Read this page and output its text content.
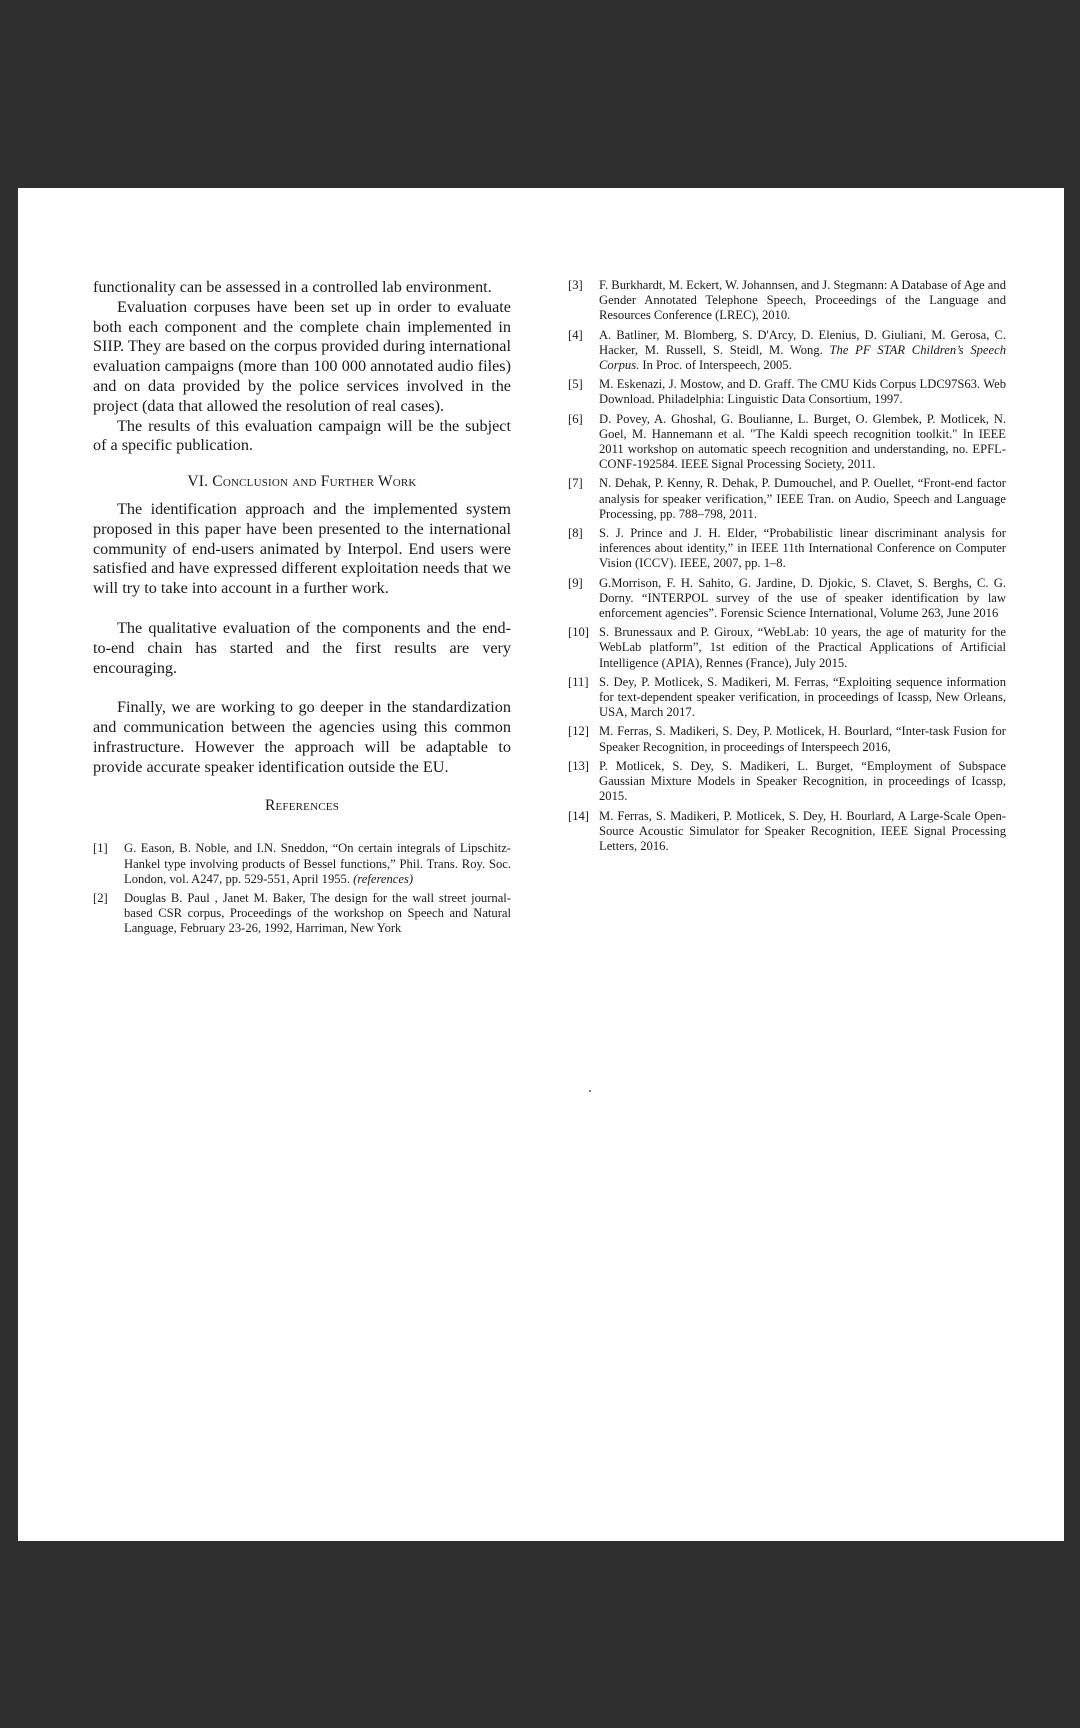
functionality can be assessed in a controlled lab environment.

Evaluation corpuses have been set up in order to evaluate both each component and the complete chain implemented in SIIP. They are based on the corpus provided during international evaluation campaigns (more than 100 000 annotated audio files) and on data provided by the police services involved in the project (data that allowed the resolution of real cases).

The results of this evaluation campaign will be the subject of a specific publication.

VI. Conclusion and Further Work

The identification approach and the implemented system proposed in this paper have been presented to the international community of end-users animated by Interpol. End users were satisfied and have expressed different exploitation needs that we will try to take into account in a further work.

The qualitative evaluation of the components and the end-to-end chain has started and the first results are very encouraging.

Finally, we are working to go deeper in the standardization and communication between the agencies using this common infrastructure. However the approach will be adaptable to provide accurate speaker identification outside the EU.

References
[1]	G. Eason, B. Noble, and I.N. Sneddon, “On certain integrals of Lipschitz-Hankel type involving products of Bessel functions,” Phil. Trans. Roy. Soc. London, vol. A247, pp. 529-551, April 1955. (references)
[2]	Douglas B. Paul , Janet M. Baker, The design for the wall street journal-based CSR corpus, Proceedings of the workshop on Speech and Natural Language, February 23-26, 1992, Harriman, New York
[3]	F. Burkhardt, M. Eckert, W. Johannsen, and J. Stegmann: A Database of Age and Gender Annotated Telephone Speech, Proceedings of the Language and Resources Conference (LREC), 2010.
[4]	A. Batliner, M. Blomberg, S. D'Arcy, D. Elenius, D. Giuliani, M. Gerosa, C. Hacker, M. Russell, S. Steidl, M. Wong. The PF STAR Children’s Speech Corpus. In Proc. of Interspeech, 2005.
[5]	M. Eskenazi, J. Mostow, and D. Graff. The CMU Kids Corpus LDC97S63. Web Download. Philadelphia: Linguistic Data Consortium, 1997.
[6]	D. Povey, A. Ghoshal, G. Boulianne, L. Burget, O. Glembek, P. Motlicek, N. Goel, M. Hannemann et al. "The Kaldi speech recognition toolkit." In IEEE 2011 workshop on automatic speech recognition and understanding, no. EPFL-CONF-192584. IEEE Signal Processing Society, 2011.
[7]	N. Dehak, P. Kenny, R. Dehak, P. Dumouchel, and P. Ouellet, “Front-end factor analysis for speaker verification,” IEEE Tran. on Audio, Speech and Language Processing, pp. 788–798, 2011.
[8]	S. J. Prince and J. H. Elder, “Probabilistic linear discriminant analysis for inferences about identity,” in IEEE 11th International Conference on Computer Vision (ICCV). IEEE, 2007, pp. 1–8.
[9]	G.Morrison, F. H. Sahito, G. Jardine, D. Djokic, S. Clavet, S. Berghs, C. G. Dorny. “INTERPOL survey of the use of speaker identification by law enforcement agencies”. Forensic Science International, Volume 263, June 2016
[10] S. Brunessaux and P. Giroux, “WebLab: 10 years, the age of maturity for the WebLab platform”, 1st edition of the Practical Applications of Artificial Intelligence (APIA), Rennes (France), July 2015.
[11] S. Dey, P. Motlicek, S. Madikeri, M. Ferras, “Exploiting sequence information for text-dependent speaker verification, in proceedings of Icassp, New Orleans, USA, March 2017.
[12] M. Ferras, S. Madikeri, S. Dey, P. Motlicek, H. Bourlard, “Inter-task Fusion for Speaker Recognition, in proceedings of Interspeech 2016,
[13] P. Motlicek, S. Dey, S. Madikeri, L. Burget, “Employment of Subspace Gaussian Mixture Models in Speaker Recognition, in proceedings of Icassp, 2015.
[14] M. Ferras, S. Madikeri, P. Motlicek, S. Dey, H. Bourlard, A Large-Scale Open-Source Acoustic Simulator for Speaker Recognition, IEEE Signal Processing Letters, 2016.
